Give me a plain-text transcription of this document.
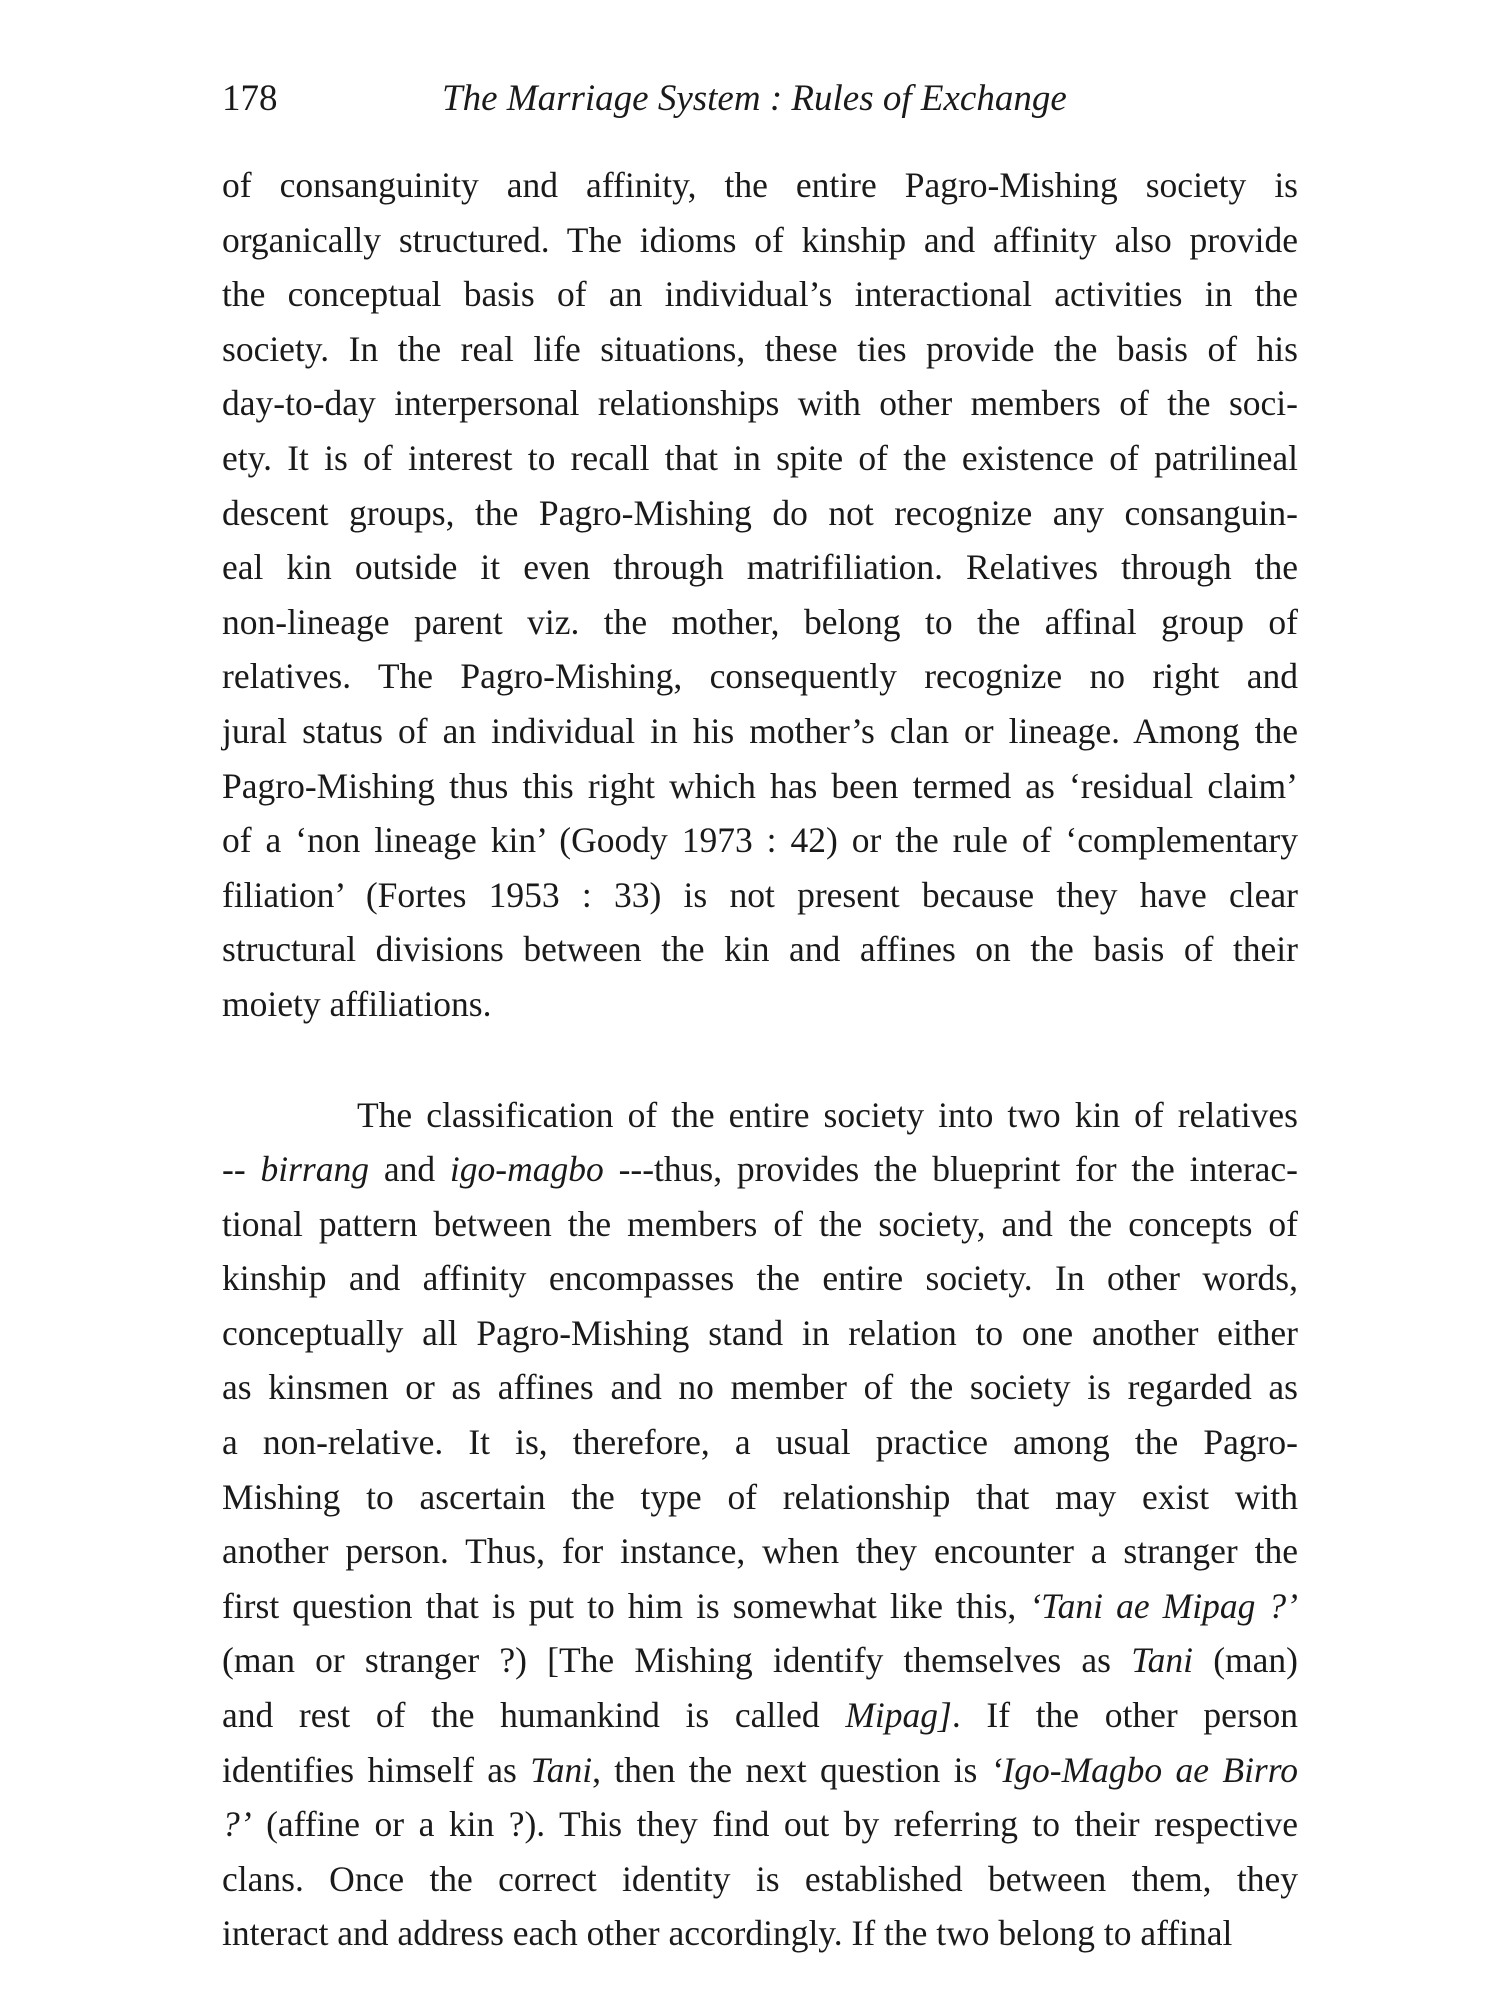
178	The Marriage System : Rules of Exchange
of consanguinity and affinity, the entire Pagro-Mishing society is
organically structured. The idioms of kinship and affinity also provide
the conceptual basis of an individual’s interactional activities in the
society. In the real life situations, these ties provide the basis of his
day-to-day interpersonal relationships with other members of the soci-
ety. It is of interest to recall that in spite of the existence of patrilineal
descent groups, the Pagro-Mishing do not recognize any consanguin-
eal kin outside it even through matrifiliation. Relatives through the
non-lineage parent viz. the mother, belong to the affinal group of
relatives. The Pagro-Mishing, consequently recognize no right and
jural status of an individual in his mother’s clan or lineage. Among the
Pagro-Mishing thus this right which has been termed as ‘residual claim’
of a ‘non lineage kin’ (Goody 1973 : 42) or the rule of ‘complementary
filiation’ (Fortes 1953 : 33) is not present because they have clear
structural divisions between the kin and affines on the basis of their
moiety affiliations.
The classification of the entire society into two kin of relatives
-- birrang and igo-magbo ---thus, provides the blueprint for the interac-
tional pattern between the members of the society, and the concepts of
kinship and affinity encompasses the entire society. In other words,
conceptually all Pagro-Mishing stand in relation to one another either
as kinsmen or as affines and no member of the society is regarded as
a non-relative. It is, therefore, a usual practice among the Pagro-
Mishing to ascertain the type of relationship that may exist with
another person. Thus, for instance, when they encounter a stranger the
first question that is put to him is somewhat like this, ‘Tani ae Mipag ?’
(man or stranger ?) [The Mishing identify themselves as Tani (man)
and rest of the humankind is called Mipag]. If the other person
identifies himself as Tani, then the next question is ‘Igo-Magbo ae Birro
?’ (affine or a kin ?). This they find out by referring to their respective
clans. Once the correct identity is established between them, they
interact and address each other accordingly. If the two belong to affinal
